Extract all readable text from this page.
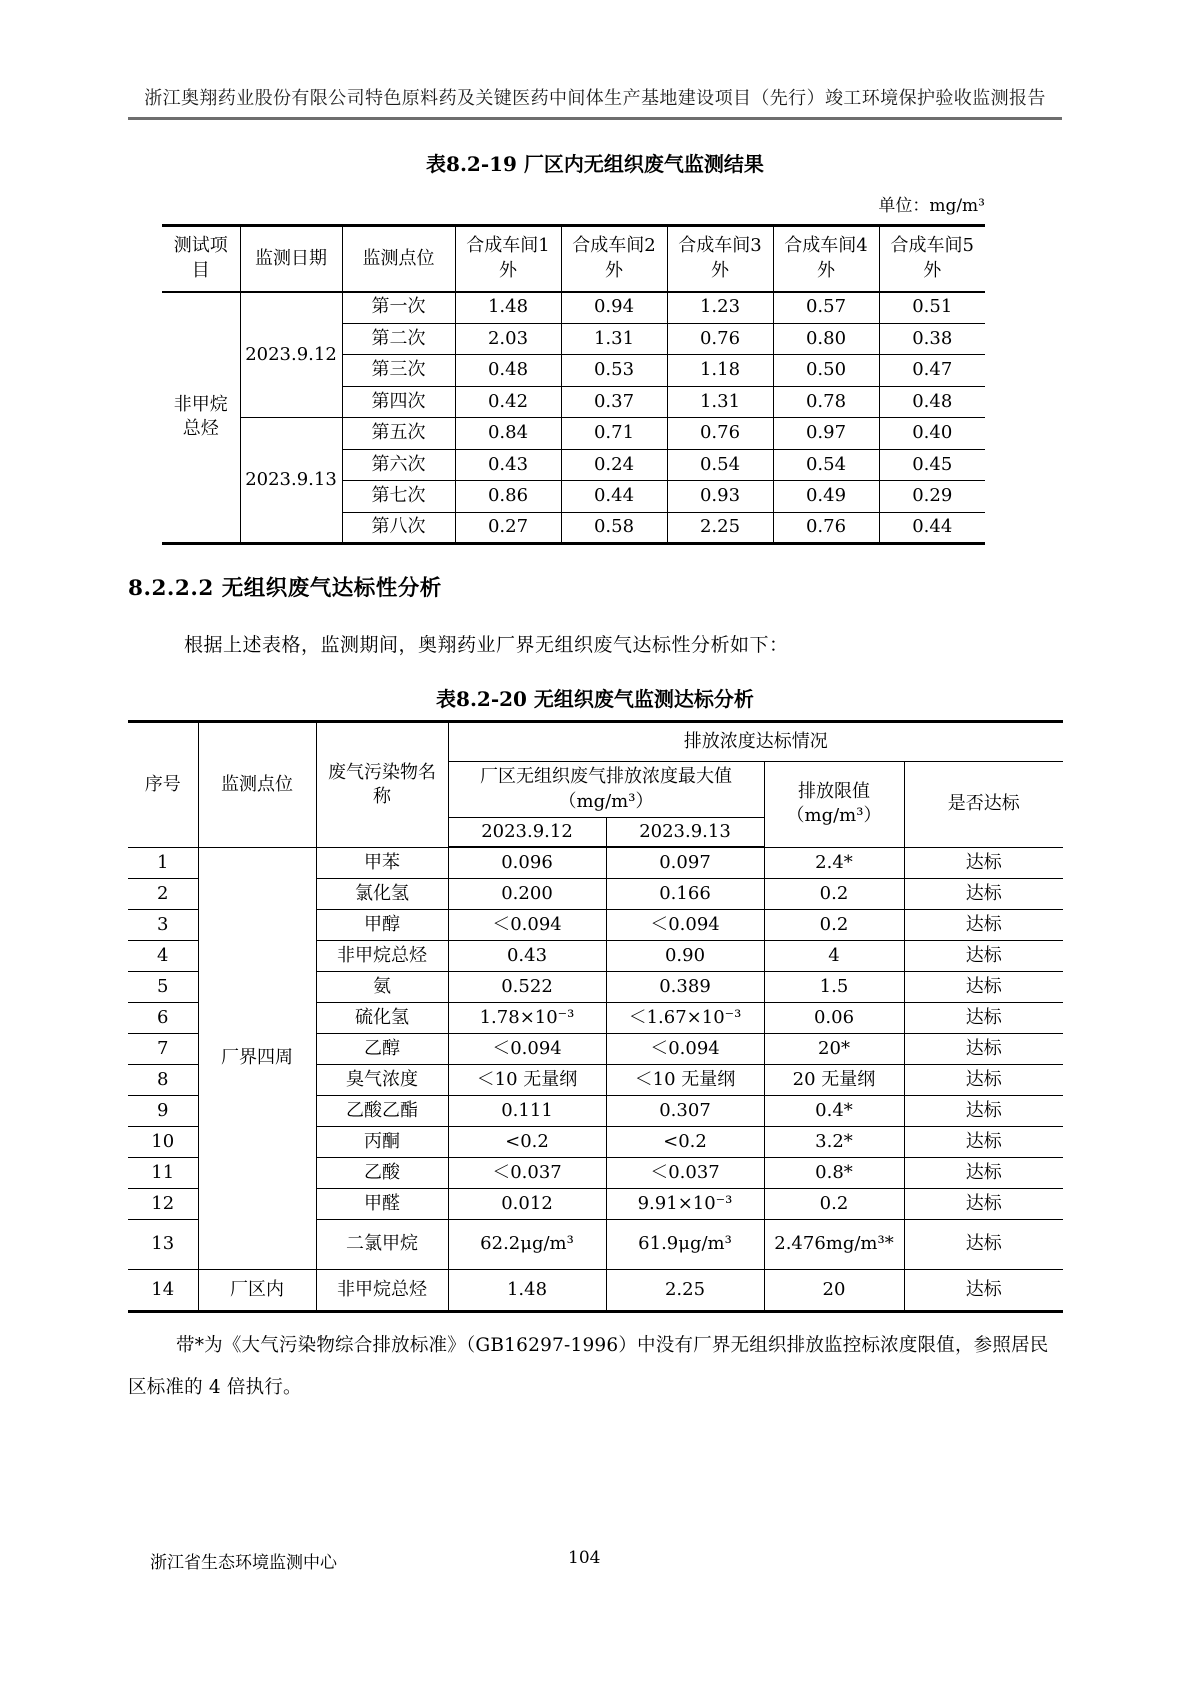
浙江奥翔药业股份有限公司特色原料药及关键医药中间体生产基地建设项目（先行）竣工环境保护验收监测报告
表8.2-19 厂区内无组织废气监测结果
单位：mg/m³
测试项目	监测日期	监测点位	合成车间1外	合成车间2外	合成车间3外	合成车间4外	合成车间5外
非甲烷总烃	2023.9.12	第一次	1.48	0.94	1.23	0.57	0.51
		第二次	2.03	1.31	0.76	0.80	0.38
		第三次	0.48	0.53	1.18	0.50	0.47
		第四次	0.42	0.37	1.31	0.78	0.48
	2023.9.13	第五次	0.84	0.71	0.76	0.97	0.40
		第六次	0.43	0.24	0.54	0.54	0.45
		第七次	0.86	0.44	0.93	0.49	0.29
		第八次	0.27	0.58	2.25	0.76	0.44
8.2.2.2 无组织废气达标性分析
根据上述表格，监测期间，奥翔药业厂界无组织废气达标性分析如下：
表8.2-20 无组织废气监测达标分析
序号	监测点位	废气污染物名称	排放浓度达标情况			
			厂区无组织废气排放浓度最大值（mg/m³）		排放限值（mg/m³）	是否达标
			2023.9.12	2023.9.13		
1	厂界四周	甲苯	0.096	0.097	2.4*	达标
2		氯化氢	0.200	0.166	0.2	达标
3		甲醇	＜0.094	＜0.094	0.2	达标
4		非甲烷总烃	0.43	0.90	4	达标
5		氨	0.522	0.389	1.5	达标
6		硫化氢	1.78×10⁻³	＜1.67×10⁻³	0.06	达标
7		乙醇	＜0.094	＜0.094	20*	达标
8		臭气浓度	＜10 无量纲	＜10 无量纲	20 无量纲	达标
9		乙酸乙酯	0.111	0.307	0.4*	达标
10		丙酮	<0.2	<0.2	3.2*	达标
11		乙酸	＜0.037	＜0.037	0.8*	达标
12		甲醛	0.012	9.91×10⁻³	0.2	达标
13		二氯甲烷	62.2μg/m³	61.9μg/m³	2.476mg/m³*	达标
14	厂区内	非甲烷总烃	1.48	2.25	20	达标
带*为《大气污染物综合排放标准》（GB16297-1996）中没有厂界无组织排放监控标浓度限值，参照居民区标准的 4 倍执行。
浙江省生态环境监测中心	104
